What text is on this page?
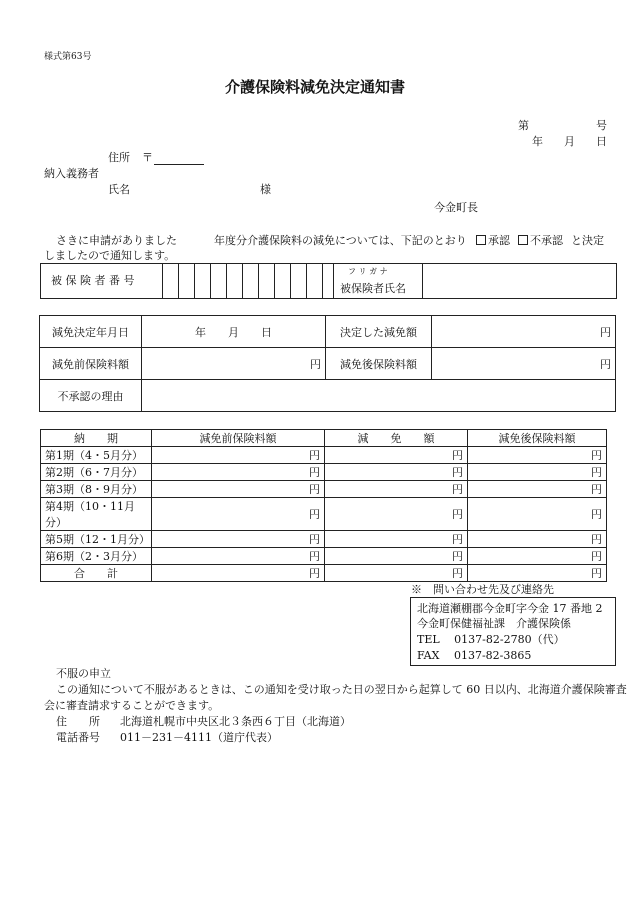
様式第63号
介護保険料減免決定通知書
第	号
年 月 日
住所 〒
納入義務者
氏名	様
今金町長
さきに申請がありました	年度分介護保険料の減免については、下記のとおり	承認	不承認 と決定
しましたので通知します。
被 保 険 者 番 号
フ リ ガ ナ
被保険者氏名
減免決定年月日	年　　月　　日	決定した減免額	円
減免前保険料額	円	減免後保険料額	円
不承認の理由			
納　　期	減免前保険料額	減　　免　　額	減免後保険料額
第1期（4・5月分）	円	円	円
第2期（6・7月分）	円	円	円
第3期（8・9月分）	円	円	円
第4期（10・11月分）	円	円	円
第5期（12・1月分）	円	円	円
第6期（2・3月分）	円	円	円
合　　計	円	円	円
※　問い合わせ先及び連絡先
北海道瀬棚郡今金町字今金 17 番地 2
今金町保健福祉課　介護保険係
TEL　 0137-82-2780（代）
FAX　 0137-82-3865
不服の申立
この通知について不服があるときは、この通知を受け取った日の翌日から起算して 60 日以内、北海道介護保険審査
会に審査請求することができます。
住　　所 北海道札幌市中央区北３条西６丁目（北海道）
電話番号 011－231－4111（道庁代表）
